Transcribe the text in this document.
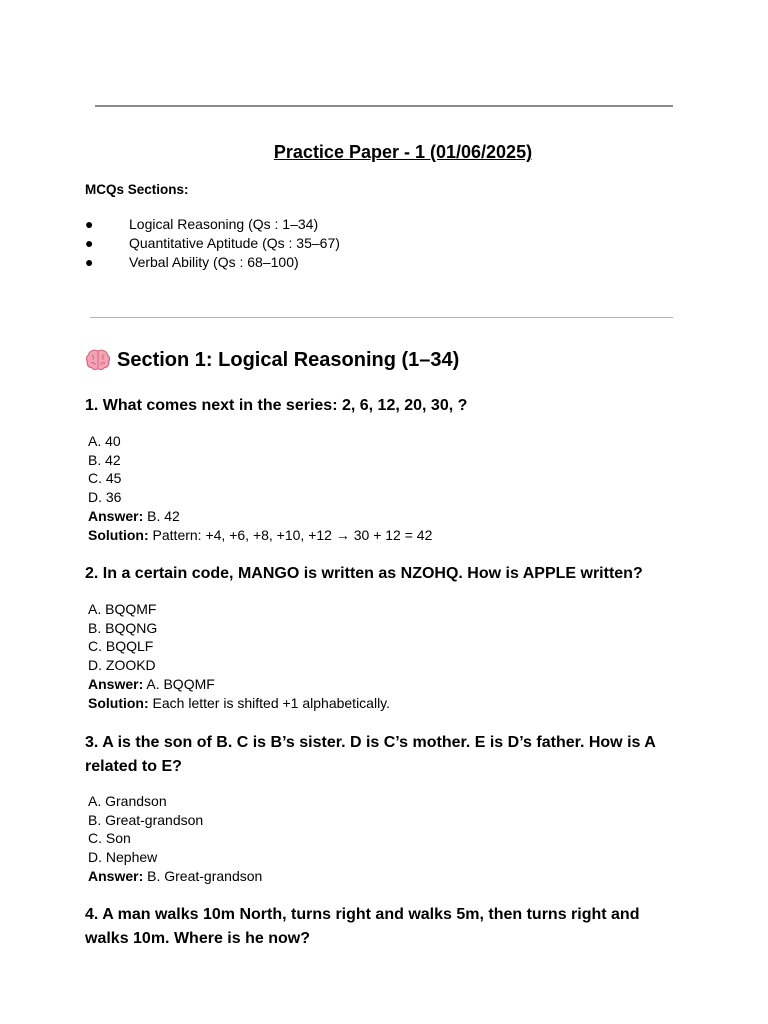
Practice Paper - 1 (01/06/2025)
MCQs Sections:
●	Logical Reasoning (Qs : 1–34)
●	Quantitative Aptitude (Qs : 35–67)
●	Verbal Ability (Qs : 68–100)
Section 1: Logical Reasoning (1–34)
1. What comes next in the series: 2, 6, 12, 20, 30, ?
A. 40
B. 42
C. 45
D. 36
Answer: B. 42
Solution: Pattern: +4, +6, +8, +10, +12 → 30 + 12 = 42
2. In a certain code, MANGO is written as NZOHQ. How is APPLE written?
A. BQQMF
B. BQQNG
C. BQQLF
D. ZOOKD
Answer: A. BQQMF
Solution: Each letter is shifted +1 alphabetically.
3. A is the son of B. C is B’s sister. D is C’s mother. E is D’s father. How is A related to E?
A. Grandson
B. Great-grandson
C. Son
D. Nephew
Answer: B. Great-grandson
4. A man walks 10m North, turns right and walks 5m, then turns right and walks 10m. Where is he now?
